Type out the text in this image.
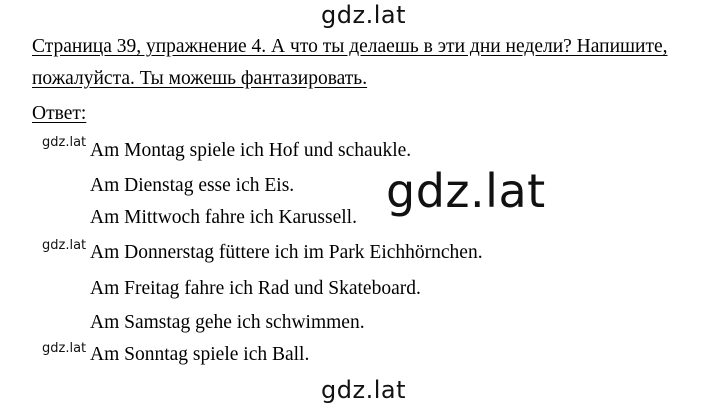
gdz.lat
Страница 39, упражнение 4. А что ты делаешь в эти дни недели? Напишите,
пожалуйста. Ты можешь фантазировать.
Ответ:
gdz.lat Am Montag spiele ich Hof und schaukle.
Am Dienstag esse ich Eis.
Am Mittwoch fahre ich Karussell.
gdz.lat Am Donnerstag füttere ich im Park Eichhörnchen.
Am Freitag fahre ich Rad und Skateboard.
Am Samstag gehe ich schwimmen.
gdz.lat Am Sonntag spiele ich Ball.
gdz.lat
gdz.lat
